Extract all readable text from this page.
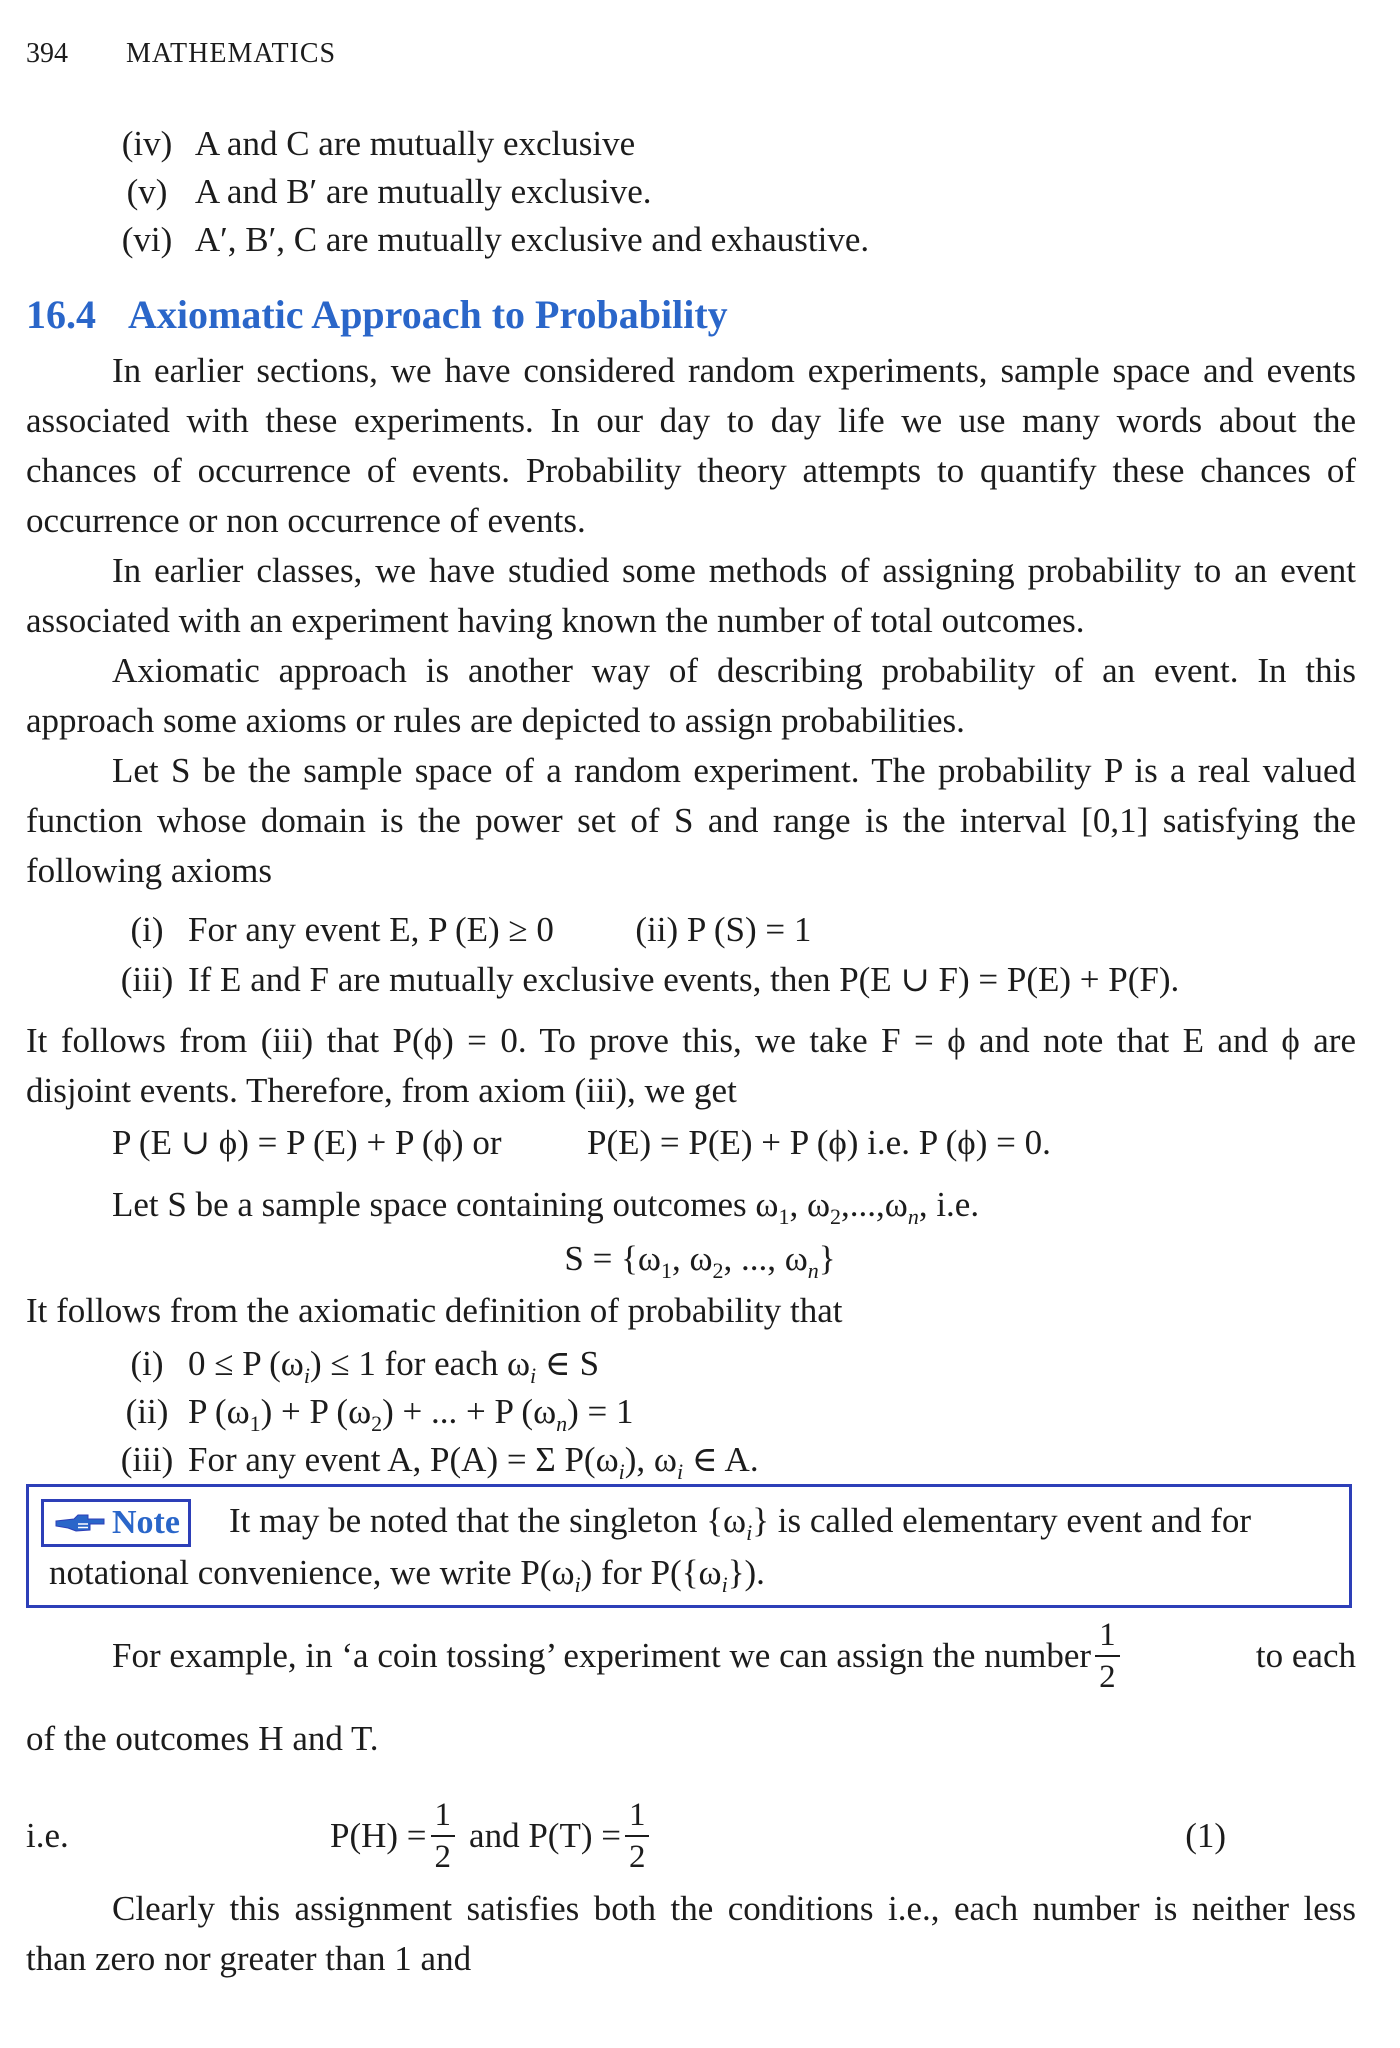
394 MATHEMATICS
(iv) A and C are mutually exclusive
(v) A and B′ are mutually exclusive.
(vi) A′, B′, C are mutually exclusive and exhaustive.
16.4 Axiomatic Approach to Probability
In earlier sections, we have considered random experiments, sample space and events associated with these experiments. In our day to day life we use many words about the chances of occurrence of events. Probability theory attempts to quantify these chances of occurrence or non occurrence of events.
In earlier classes, we have studied some methods of assigning probability to an event associated with an experiment having known the number of total outcomes.
Axiomatic approach is another way of describing probability of an event. In this approach some axioms or rules are depicted to assign probabilities.
Let S be the sample space of a random experiment. The probability P is a real valued function whose domain is the power set of S and range is the interval [0,1] satisfying the following axioms
(i) For any event E, P (E) ≥ 0 (ii) P (S) = 1
(iii) If E and F are mutually exclusive events, then P(E ∪ F) = P(E) + P(F).
It follows from (iii) that P(ϕ) = 0. To prove this, we take F = ϕ and note that E and ϕ are disjoint events. Therefore, from axiom (iii), we get
P (E ∪ ϕ) = P (E) + P (ϕ) or P(E) = P(E) + P (ϕ) i.e. P (ϕ) = 0.
Let S be a sample space containing outcomes $\omega_1$, $\omega_2,...,\omega_n$, i.e.
$S = \{\omega_1$, $\omega_2$, ..., $\omega_n$}
It follows from the axiomatic definition of probability that
(i) 0 ≤ P $(\omega_i) \le 1$ for each $\omega_i$ ∈ S
(ii) P $(\omega_1) + P$ $(\omega_2)$ + ... + P $(\omega_n) = 1$
(iii) For any event A, P(A) = Σ $P(\omega_i)$, $\omega_i$ ∈ A.
It may be noted that the singleton $\{\omega_i\}$ is called elementary event and for notational convenience, we write $P(\omega_i)$ for $P(\{\omega_i\})$.
Note
For example, in ‘a coin tossing’ experiment we can assign the number $\frac{1}{2}$	to each
of the outcomes H and T.
i.e.	$P(H) = \frac{1}{2}$ and $P(T) = \frac{1}{2}$	(1)
Clearly this assignment satisfies both the conditions i.e., each number is neither less than zero nor greater than 1 and
